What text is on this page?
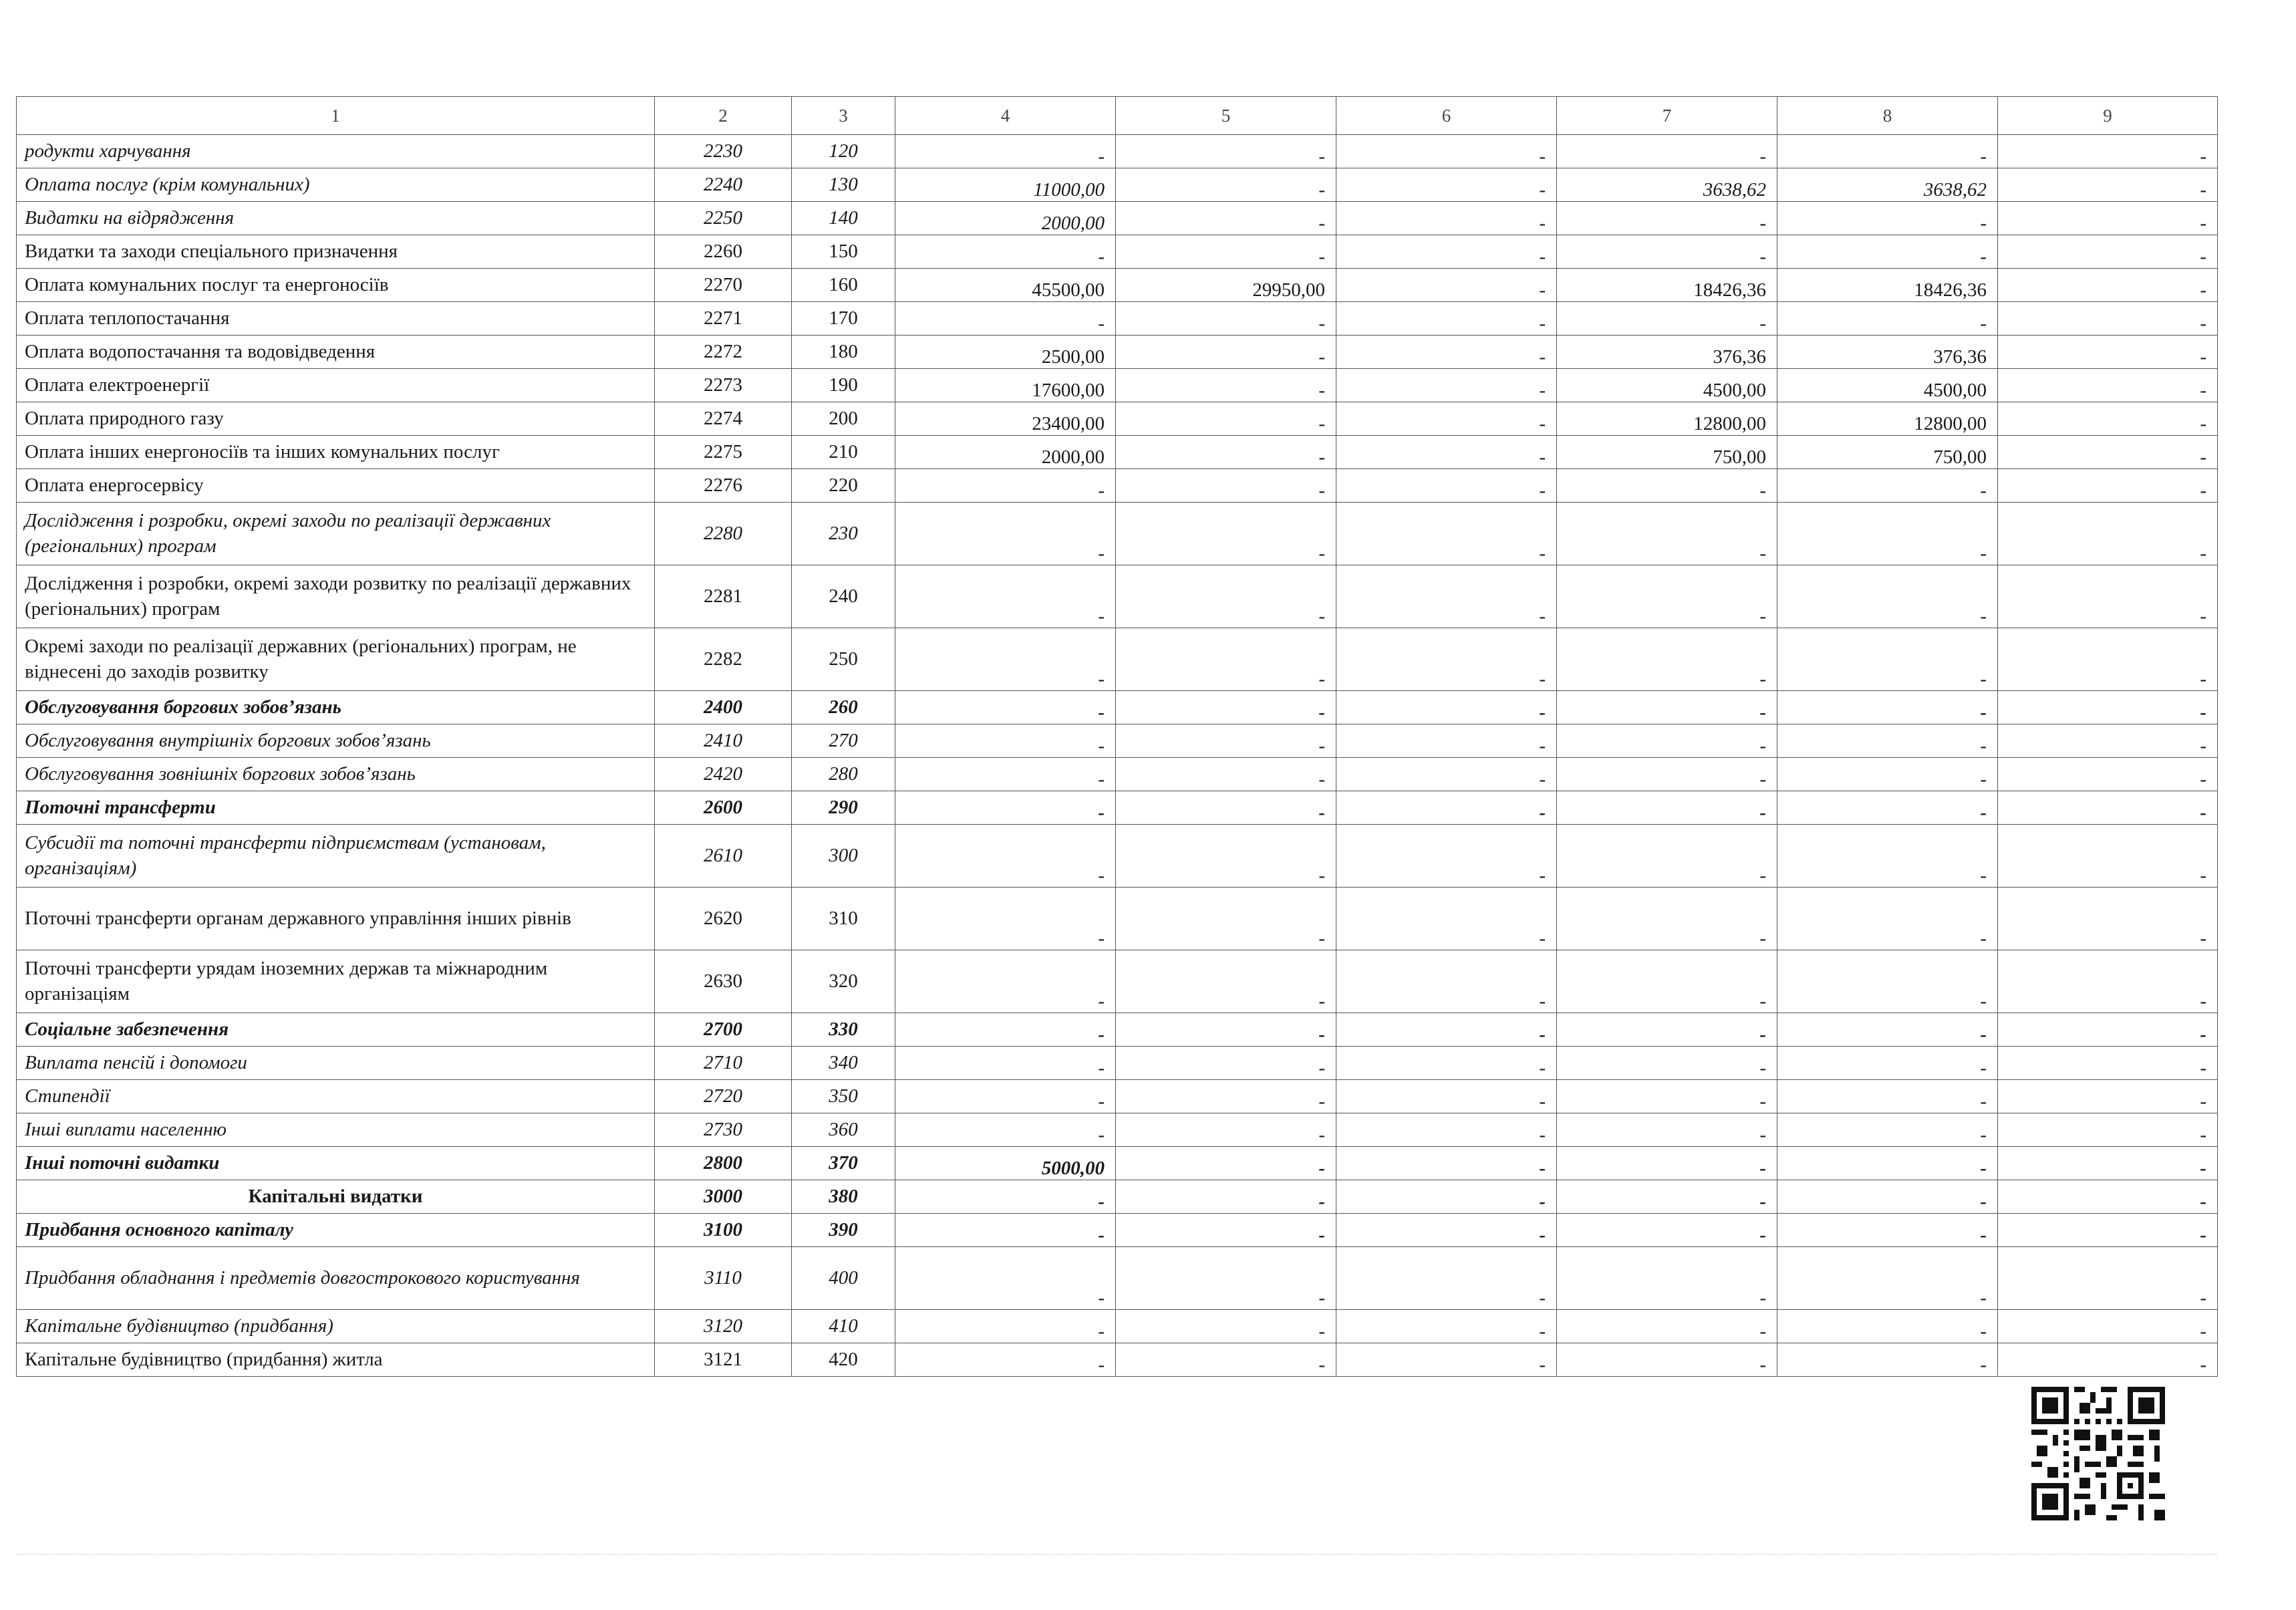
1	2	3	4	5	6	7	8	9
родукти харчування	2230	120	-	-	-	-	-	-
Оплата послуг (крім комунальних)	2240	130	11000,00	-	-	3638,62	3638,62	-
Видатки на відрядження	2250	140	2000,00	-	-	-	-	-
Видатки та заходи спеціального призначення	2260	150	-	-	-	-	-	-
Оплата комунальних послуг та енергоносіїв	2270	160	45500,00	29950,00	-	18426,36	18426,36	-
Оплата теплопостачання	2271	170	-	-	-	-	-	-
Оплата водопостачання та водовідведення	2272	180	2500,00	-	-	376,36	376,36	-
Оплата електроенергії	2273	190	17600,00	-	-	4500,00	4500,00	-
Оплата природного газу	2274	200	23400,00	-	-	12800,00	12800,00	-
Оплата інших енергоносіїв та інших комунальних послуг	2275	210	2000,00	-	-	750,00	750,00	-
Оплата енергосервісу	2276	220	-	-	-	-	-	-
Дослідження і розробки, окремі заходи по реалізації державних (регіональних) програм	2280	230	-	-	-	-	-	-
Дослідження і розробки, окремі заходи розвитку по реалізації державних (регіональних) програм	2281	240	-	-	-	-	-	-
Окремі заходи по реалізації державних (регіональних) програм, не віднесені до заходів розвитку	2282	250	-	-	-	-	-	-
Обслуговування боргових зобов’язань	2400	260	-	-	-	-	-	-
Обслуговування внутрішніх боргових зобов’язань	2410	270	-	-	-	-	-	-
Обслуговування зовнішніх боргових зобов’язань	2420	280	-	-	-	-	-	-
Поточні трансферти	2600	290	-	-	-	-	-	-
Субсидії та поточні трансферти підприємствам (установам, організаціям)	2610	300	-	-	-	-	-	-
Поточні трансферти органам державного управління інших рівнів	2620	310	-	-	-	-	-	-
Поточні трансферти урядам іноземних держав та міжнародним організаціям	2630	320	-	-	-	-	-	-
Соціальне забезпечення	2700	330	-	-	-	-	-	-
Виплата пенсій і допомоги	2710	340	-	-	-	-	-	-
Стипендії	2720	350	-	-	-	-	-	-
Інші виплати населенню	2730	360	-	-	-	-	-	-
Інші поточні видатки	2800	370	5000,00	-	-	-	-	-
Капітальні видатки	3000	380	-	-	-	-	-	-
Придбання основного капіталу	3100	390	-	-	-	-	-	-
Придбання обладнання і предметів довгострокового користування	3110	400	-	-	-	-	-	-
Капітальне будівництво (придбання)	3120	410	-	-	-	-	-	-
Капітальне будівництво (придбання) житла	3121	420	-	-	-	-	-	-
